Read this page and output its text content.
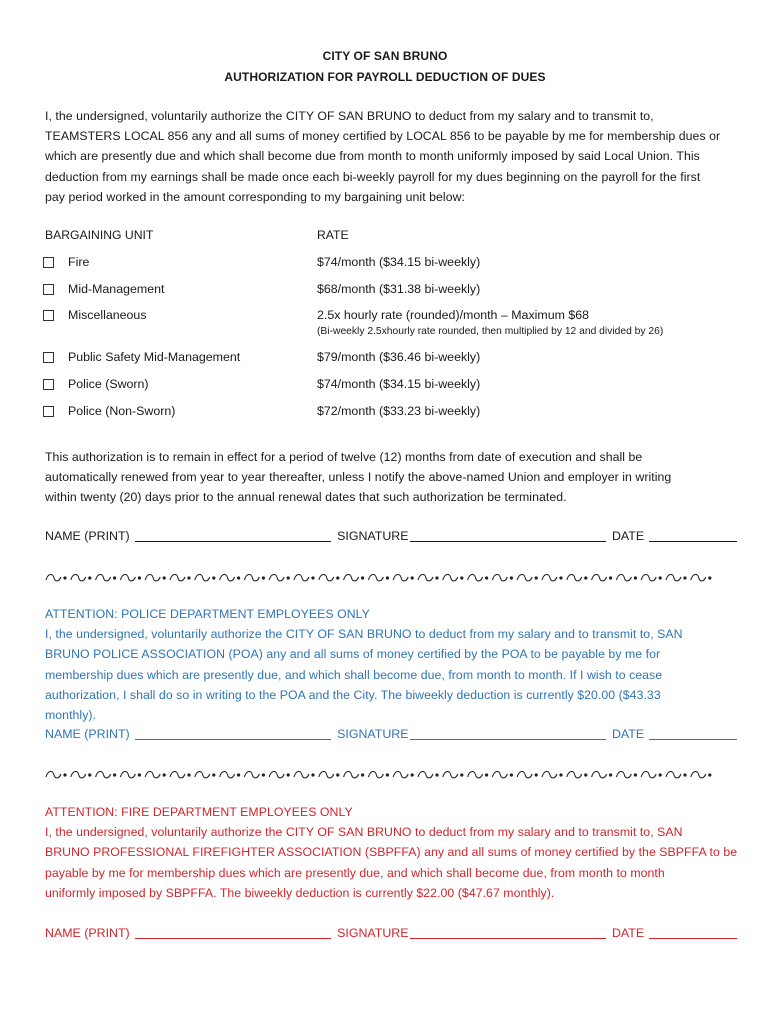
CITY OF SAN BRUNO
AUTHORIZATION FOR PAYROLL DEDUCTION OF DUES
I, the undersigned, voluntarily authorize the CITY OF SAN BRUNO to deduct from my salary and to transmit to,
TEAMSTERS LOCAL 856 any and all sums of money certified by LOCAL 856 to be payable by me for membership dues or
which are presently due and which shall become due from month to month uniformly imposed by said Local Union. This
deduction from my earnings shall be made once each bi-weekly payroll for my dues beginning on the payroll for the first
pay period worked in the amount corresponding to my bargaining unit below:
BARGAINING UNIT	RATE
Fire	$74/month ($34.15 bi-weekly)
Mid-Management	$68/month ($31.38 bi-weekly)
Miscellaneous	2.5x hourly rate (rounded)/month – Maximum $68
(Bi-weekly 2.5xhourly rate rounded, then multiplied by 12 and divided by 26)
Public Safety Mid-Management	$79/month ($36.46 bi-weekly)
Police (Sworn)	$74/month ($34.15 bi-weekly)
Police (Non-Sworn)	$72/month ($33.23 bi-weekly)
This authorization is to remain in effect for a period of twelve (12) months from date of execution and shall be
automatically renewed from year to year thereafter, unless I notify the above-named Union and employer in writing
within twenty (20) days prior to the annual renewal dates that such authorization be terminated.
NAME (PRINT)	SIGNATURE	DATE
ATTENTION: POLICE DEPARTMENT EMPLOYEES ONLY
I, the undersigned, voluntarily authorize the CITY OF SAN BRUNO to deduct from my salary and to transmit to, SAN
BRUNO POLICE ASSOCIATION (POA) any and all sums of money certified by the POA to be payable by me for
membership dues which are presently due, and which shall become due, from month to month. If I wish to cease
authorization, I shall do so in writing to the POA and the City. The biweekly deduction is currently $20.00 ($43.33
monthly).
NAME (PRINT)	SIGNATURE	DATE
ATTENTION: FIRE DEPARTMENT EMPLOYEES ONLY
I, the undersigned, voluntarily authorize the CITY OF SAN BRUNO to deduct from my salary and to transmit to, SAN
BRUNO PROFESSIONAL FIREFIGHTER ASSOCIATION (SBPFFA) any and all sums of money certified by the SBPFFA to be
payable by me for membership dues which are presently due, and which shall become due, from month to month
uniformly imposed by SBPFFA. The biweekly deduction is currently $22.00 ($47.67 monthly).
NAME (PRINT)	SIGNATURE	DATE
